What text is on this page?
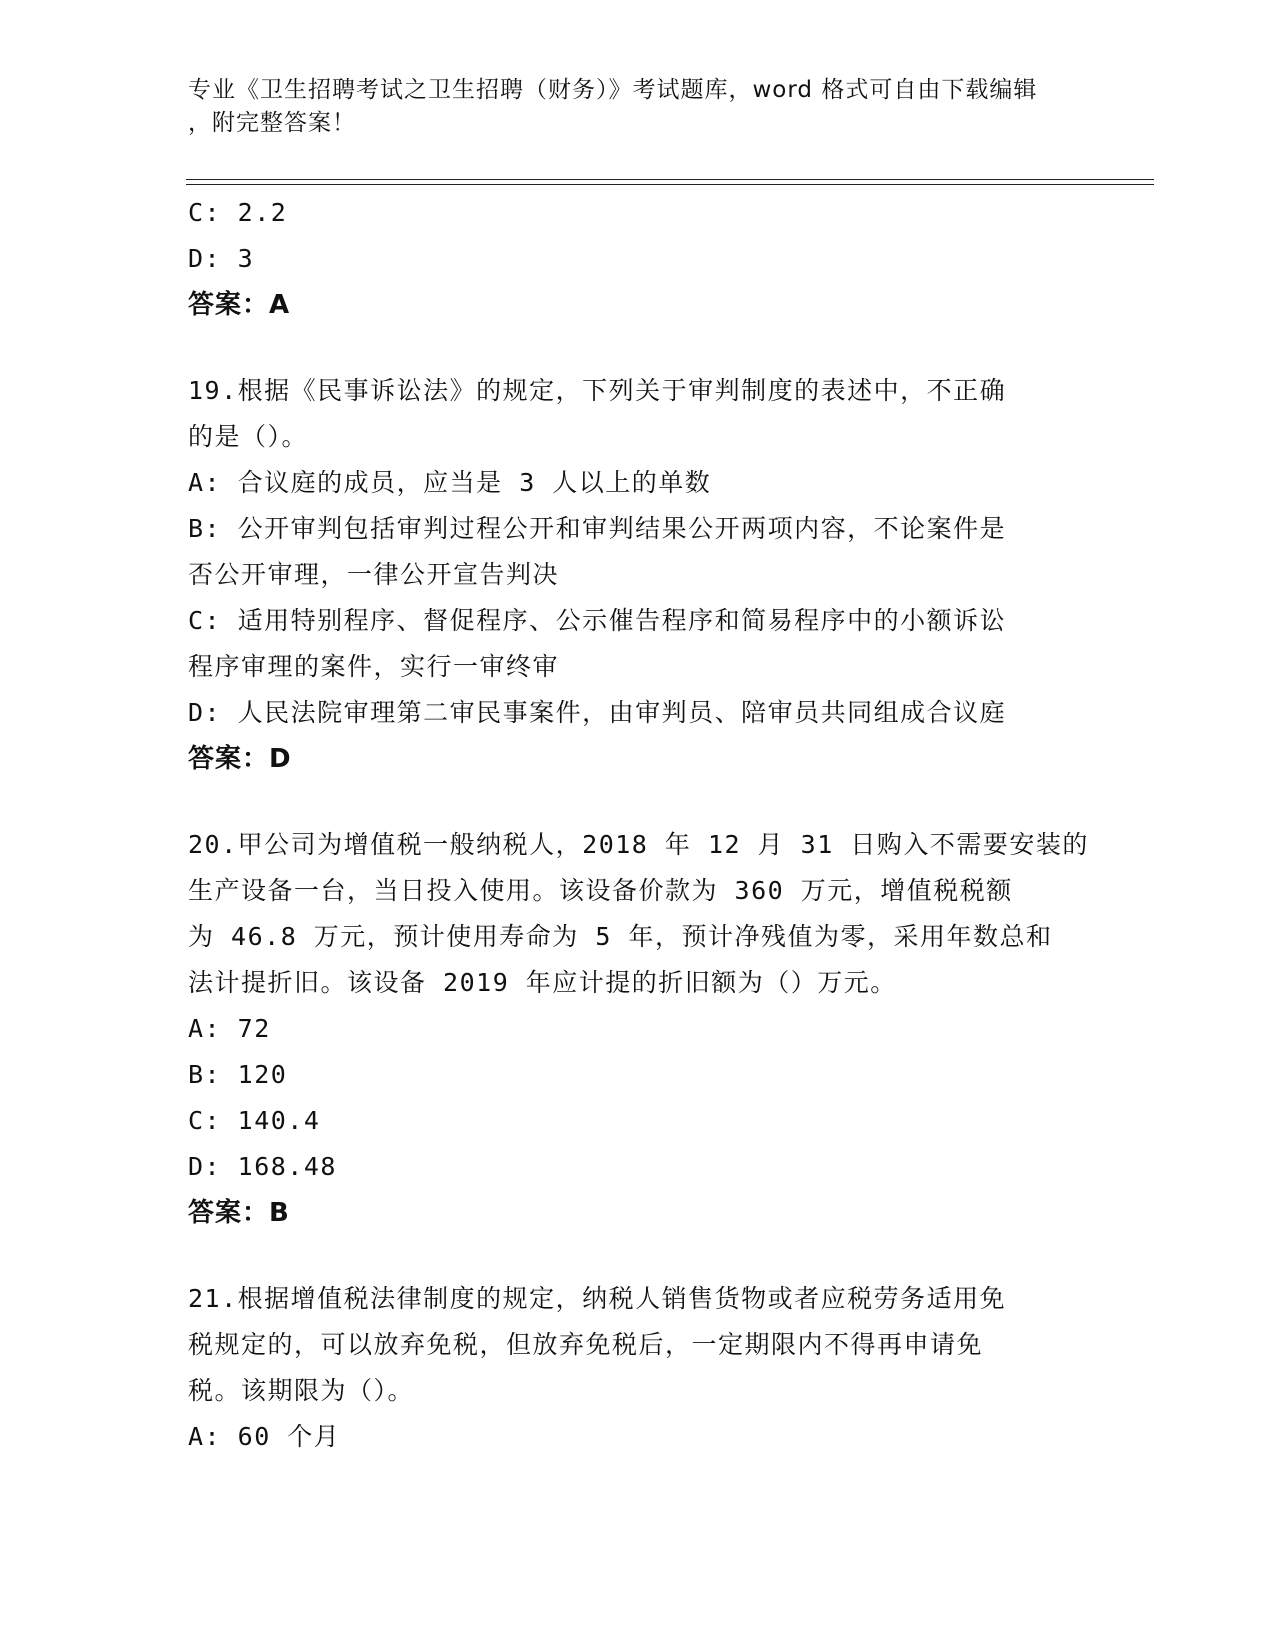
专业《卫生招聘考试之卫生招聘（财务）》考试题库，word 格式可自由下载编辑
，附完整答案！
C: 2.2
D: 3
答案：A
19.根据《民事诉讼法》的规定，下列关于审判制度的表述中，不正确
的是（）。
A: 合议庭的成员，应当是 3 人以上的单数
B: 公开审判包括审判过程公开和审判结果公开两项内容，不论案件是
否公开审理，一律公开宣告判决
C: 适用特别程序、督促程序、公示催告程序和简易程序中的小额诉讼
程序审理的案件，实行一审终审
D: 人民法院审理第二审民事案件，由审判员、陪审员共同组成合议庭
答案：D
20.甲公司为增值税一般纳税人，2018 年 12 月 31 日购入不需要安装的
生产设备一台，当日投入使用。该设备价款为 360 万元，增值税税额
为 46.8 万元，预计使用寿命为 5 年，预计净残值为零，采用年数总和
法计提折旧。该设备 2019 年应计提的折旧额为（）万元。
A: 72
B: 120
C: 140.4
D: 168.48
答案：B
21.根据增值税法律制度的规定，纳税人销售货物或者应税劳务适用免
税规定的，可以放弃免税，但放弃免税后，一定期限内不得再申请免
税。该期限为（）。
A: 60 个月
